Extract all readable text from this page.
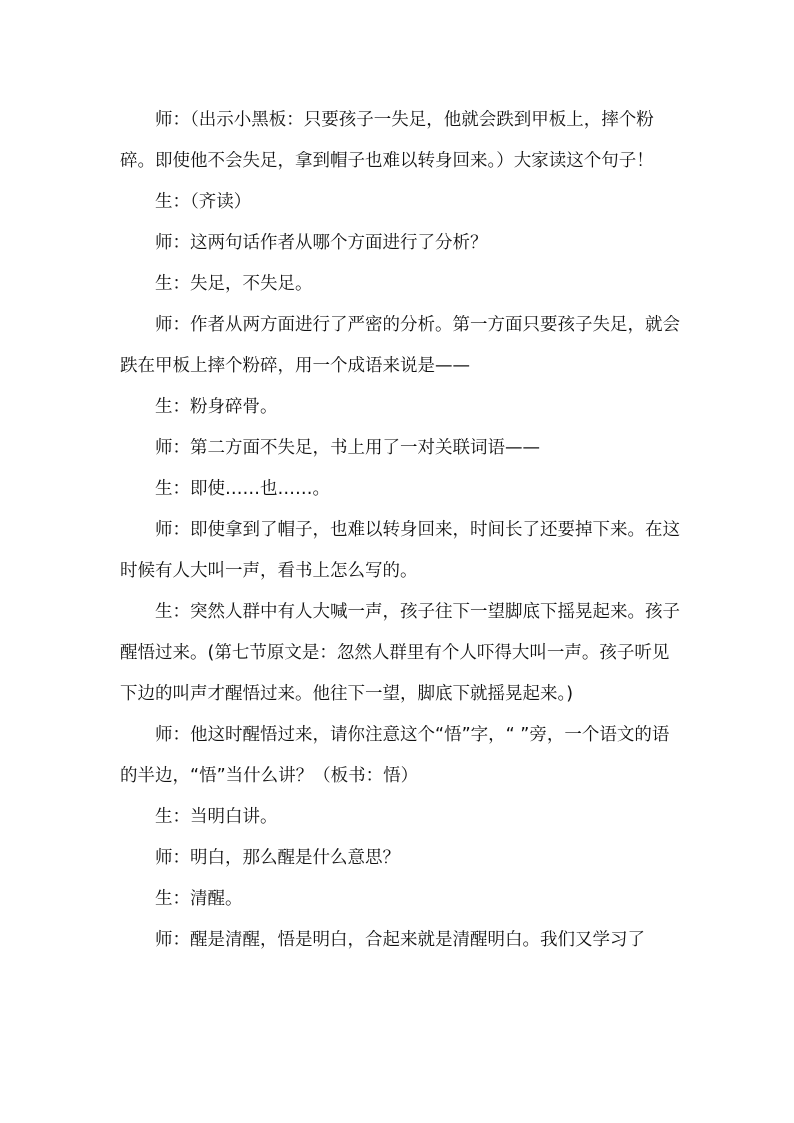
师：（出示小黑板：只要孩子一失足，他就会跌到甲板上，摔个粉碎。即使他不会失足，拿到帽子也难以转身回来。）大家读这个句子！

生：（齐读）

师：这两句话作者从哪个方面进行了分析？

生：失足，不失足。

师：作者从两方面进行了严密的分析。第一方面只要孩子失足，就会跌在甲板上摔个粉碎，用一个成语来说是——

生：粉身碎骨。

师：第二方面不失足，书上用了一对关联词语——

生：即使……也……。

师：即使拿到了帽子，也难以转身回来，时间长了还要掉下来。在这时候有人大叫一声，看书上怎么写的。

生：突然人群中有人大喊一声，孩子往下一望脚底下摇晃起来。孩子醒悟过来。(第七节原文是：忽然人群里有个人吓得大叫一声。孩子听见下边的叫声才醒悟过来。他往下一望，脚底下就摇晃起来。)

师：他这时醒悟过来，请你注意这个“悟”字，“ ”旁，一个语文的语的半边，“悟”当什么讲？（板书：悟）

生：当明白讲。

师：明白，那么醒是什么意思？

生：清醒。

师：醒是清醒，悟是明白，合起来就是清醒明白。我们又学习了
